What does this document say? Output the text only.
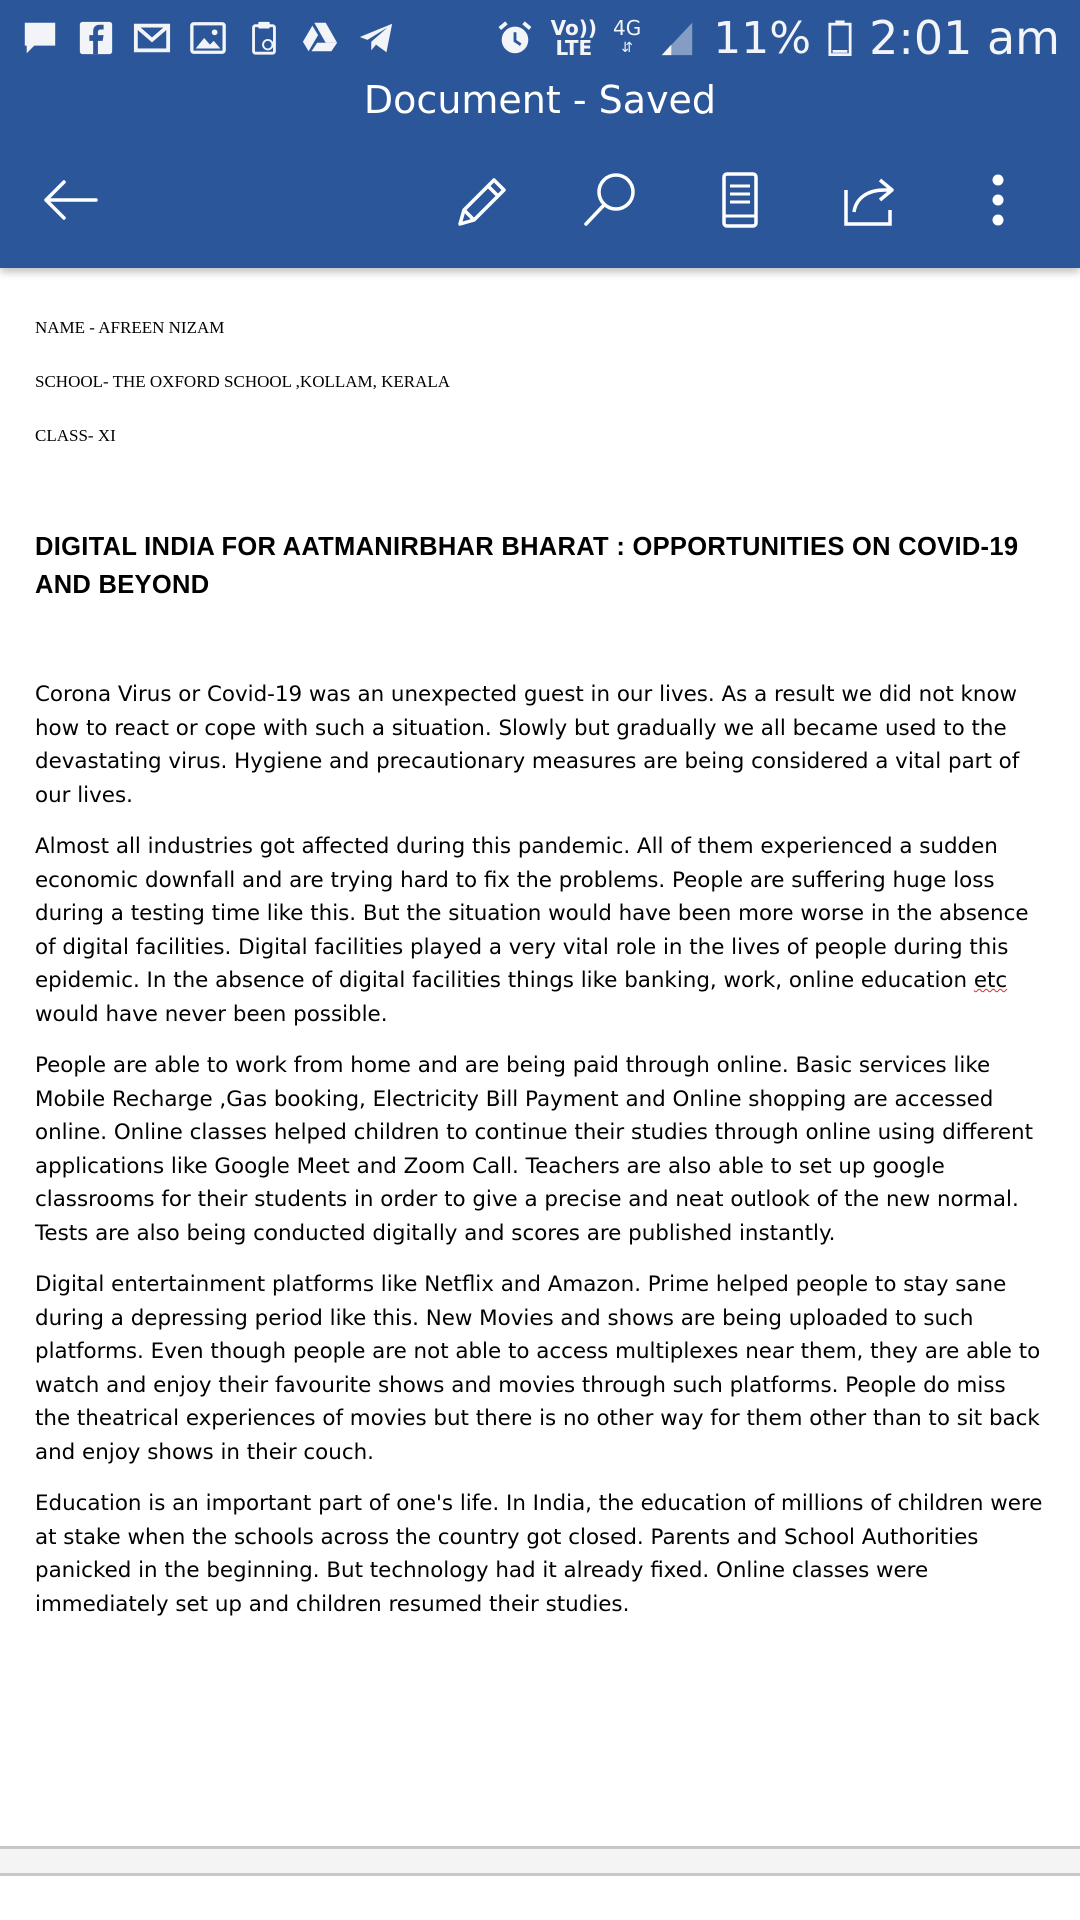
Vo))
LTE
4G
⇵ 11% 2:01 am
Document - Saved

NAME - AFREEN NIZAM

SCHOOL- THE OXFORD SCHOOL ,KOLLAM, KERALA

CLASS- XI

DIGITAL INDIA FOR AATMANIRBHAR BHARAT : OPPORTUNITIES ON COVID-19 AND BEYOND

Corona Virus or Covid-19 was an unexpected guest in our lives. As a result we did not know how to react or cope with such a situation. Slowly but gradually we all became used to the devastating virus. Hygiene and precautionary measures are being considered a vital part of our lives.

Almost all industries got affected during this pandemic. All of them experienced a sudden economic downfall and are trying hard to fix the problems. People are suffering huge loss during a testing time like this. But the situation would have been more worse in the absence of digital facilities. Digital facilities played a very vital role in the lives of people during this epidemic. In the absence of digital facilities things like banking, work, online education etc
would have never been possible.

People are able to work from home and are being paid through online. Basic services like Mobile Recharge ,Gas booking, Electricity Bill Payment and Online shopping are accessed online. Online classes helped children to continue their studies through online using different applications like Google Meet and Zoom Call. Teachers are also able to set up google classrooms for their students in order to give a precise and neat outlook of the new normal. Tests are also being conducted digitally and scores are published instantly.

Digital entertainment platforms like Netflix and Amazon. Prime helped people to stay sane during a depressing period like this. New Movies and shows are being uploaded to such platforms. Even though people are not able to access multiplexes near them, they are able to watch and enjoy their favourite shows and movies through such platforms. People do miss the theatrical experiences of movies but there is no other way for them other than to sit back and enjoy shows in their couch.

Education is an important part of one's life. In India, the education of millions of children were at stake when the schools across the country got closed. Parents and School Authorities panicked in the beginning. But technology had it already fixed. Online classes were immediately set up and children resumed their studies.
